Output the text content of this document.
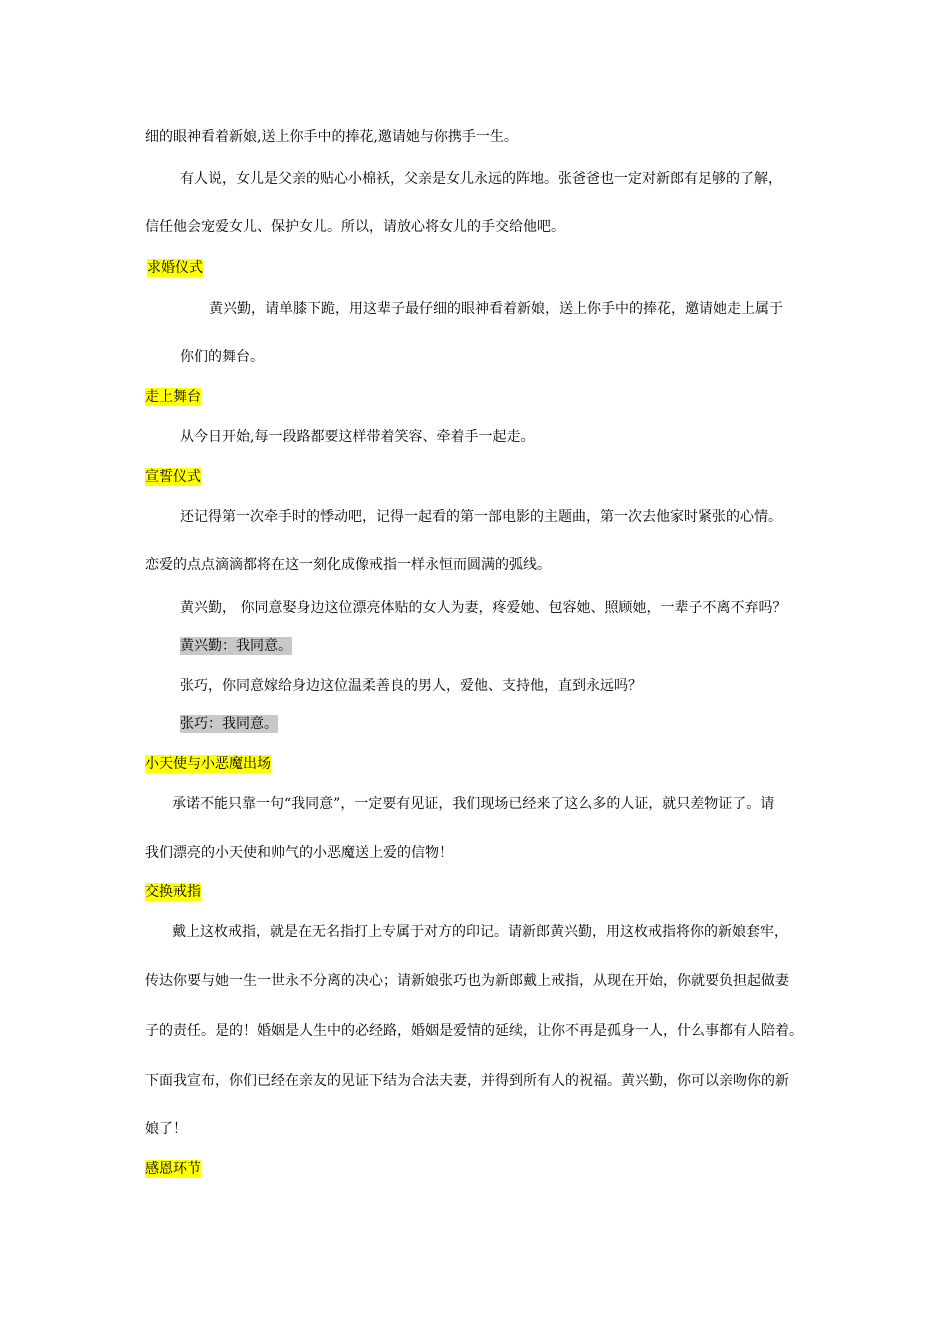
细的眼神看着新娘,送上你手中的捧花,邀请她与你携手一生。
有人说，女儿是父亲的贴心小棉袄，父亲是女儿永远的阵地。张爸爸也一定对新郎有足够的了解，
信任他会宠爱女儿、保护女儿。所以，请放心将女儿的手交给他吧。
求婚仪式
黄兴勤，请单膝下跪，用这辈子最仔细的眼神看着新娘，送上你手中的捧花，邀请她走上属于
你们的舞台。
走上舞台
从今日开始,每一段路都要这样带着笑容、牵着手一起走。
宣誓仪式
还记得第一次牵手时的悸动吧，记得一起看的第一部电影的主题曲，第一次去他家时紧张的心情。
恋爱的点点滴滴都将在这一刻化成像戒指一样永恒而圆满的弧线。
黄兴勤， 你同意娶身边这位漂亮体贴的女人为妻，疼爱她、包容她、照顾她，一辈子不离不弃吗？
黄兴勤：我同意。
张巧，你同意嫁给身边这位温柔善良的男人，爱他、支持他，直到永远吗？
张巧：我同意。
小天使与小恶魔出场
承诺不能只靠一句“我同意”，一定要有见证，我们现场已经来了这么多的人证，就只差物证了。请
我们漂亮的小天使和帅气的小恶魔送上爱的信物！
交换戒指
戴上这枚戒指，就是在无名指打上专属于对方的印记。请新郎黄兴勤，用这枚戒指将你的新娘套牢，
传达你要与她一生一世永不分离的决心；请新娘张巧也为新郎戴上戒指，从现在开始，你就要负担起做妻
子的责任。是的！婚姻是人生中的必经路，婚姻是爱情的延续，让你不再是孤身一人，什么事都有人陪着。
下面我宣布，你们已经在亲友的见证下结为合法夫妻，并得到所有人的祝福。黄兴勤，你可以亲吻你的新
娘了！
感恩环节
